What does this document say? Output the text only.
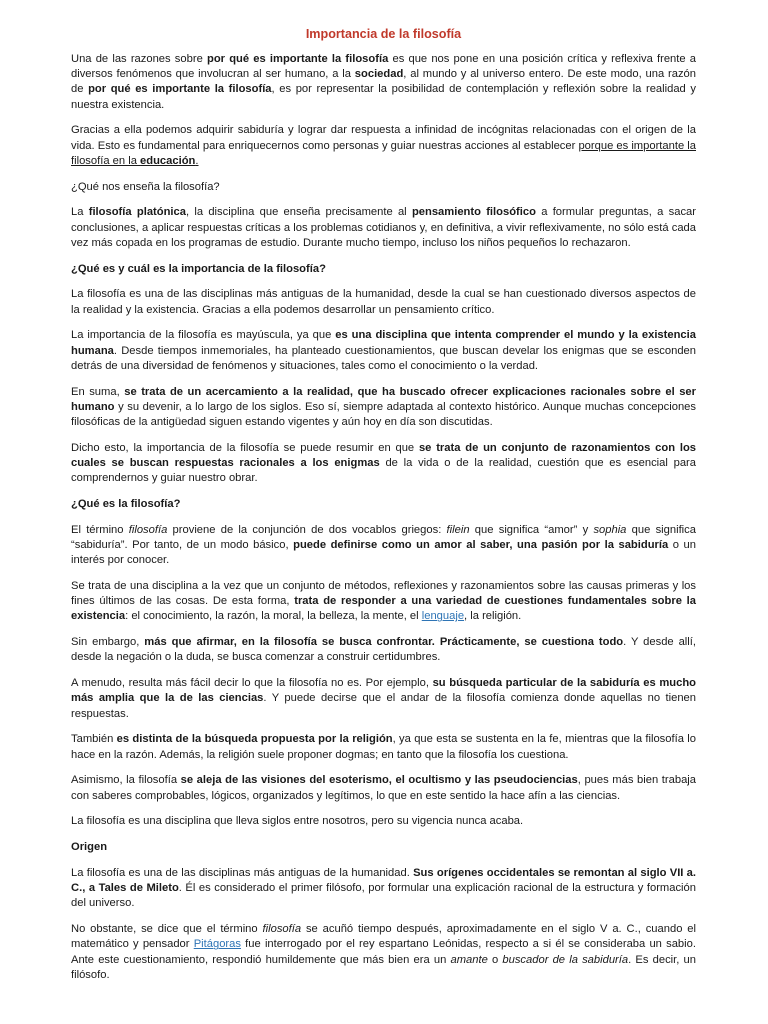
Importancia de la filosofía

Una de las razones sobre por qué es importante la filosofía es que nos pone en una posición crítica y reflexiva frente a diversos fenómenos que involucran al ser humano, a la sociedad, al mundo y al universo entero. De este modo, una razón de por qué es importante la filosofía, es por representar la posibilidad de contemplación y reflexión sobre la realidad y nuestra existencia.

Gracias a ella podemos adquirir sabiduría y lograr dar respuesta a infinidad de incógnitas relacionadas con el origen de la vida. Esto es fundamental para enriquecernos como personas y guiar nuestras acciones al establecer porque es importante la filosofía en la educación.

¿Qué nos enseña la filosofía?

La filosofía platónica, la disciplina que enseña precisamente al pensamiento filosófico a formular preguntas, a sacar conclusiones, a aplicar respuestas críticas a los problemas cotidianos y, en definitiva, a vivir reflexivamente, no sólo está cada vez más copada en los programas de estudio. Durante mucho tiempo, incluso los niños pequeños lo rechazaron.

¿Qué es y cuál es la importancia de la filosofía?

La filosofía es una de las disciplinas más antiguas de la humanidad, desde la cual se han cuestionado diversos aspectos de la realidad y la existencia. Gracias a ella podemos desarrollar un pensamiento crítico.

La importancia de la filosofía es mayúscula, ya que es una disciplina que intenta comprender el mundo y la existencia humana. Desde tiempos inmemoriales, ha planteado cuestionamientos, que buscan develar los enigmas que se esconden detrás de una diversidad de fenómenos y situaciones, tales como el conocimiento o la verdad.

En suma, se trata de un acercamiento a la realidad, que ha buscado ofrecer explicaciones racionales sobre el ser humano y su devenir, a lo largo de los siglos. Eso sí, siempre adaptada al contexto histórico. Aunque muchas concepciones filosóficas de la antigüedad siguen estando vigentes y aún hoy en día son discutidas.

Dicho esto, la importancia de la filosofía se puede resumir en que se trata de un conjunto de razonamientos con los cuales se buscan respuestas racionales a los enigmas de la vida o de la realidad, cuestión que es esencial para comprendernos y guiar nuestro obrar.

¿Qué es la filosofía?

El término filosofía proviene de la conjunción de dos vocablos griegos: filein que significa “amor” y sophia que significa “sabiduría”. Por tanto, de un modo básico, puede definirse como un amor al saber, una pasión por la sabiduría o un interés por conocer.

Se trata de una disciplina a la vez que un conjunto de métodos, reflexiones y razonamientos sobre las causas primeras y los fines últimos de las cosas. De esta forma, trata de responder a una variedad de cuestiones fundamentales sobre la existencia: el conocimiento, la razón, la moral, la belleza, la mente, el lenguaje, la religión.

Sin embargo, más que afirmar, en la filosofía se busca confrontar. Prácticamente, se cuestiona todo. Y desde allí, desde la negación o la duda, se busca comenzar a construir certidumbres.

A menudo, resulta más fácil decir lo que la filosofía no es. Por ejemplo, su búsqueda particular de la sabiduría es mucho más amplia que la de las ciencias. Y puede decirse que el andar de la filosofía comienza donde aquellas no tienen respuestas.

También es distinta de la búsqueda propuesta por la religión, ya que esta se sustenta en la fe, mientras que la filosofía lo hace en la razón. Además, la religión suele proponer dogmas; en tanto que la filosofía los cuestiona.

Asimismo, la filosofía se aleja de las visiones del esoterismo, el ocultismo y las pseudociencias, pues más bien trabaja con saberes comprobables, lógicos, organizados y legítimos, lo que en este sentido la hace afín a las ciencias.

La filosofía es una disciplina que lleva siglos entre nosotros, pero su vigencia nunca acaba.

Origen

La filosofía es una de las disciplinas más antiguas de la humanidad. Sus orígenes occidentales se remontan al siglo VII a. C., a Tales de Mileto. Él es considerado el primer filósofo, por formular una explicación racional de la estructura y formación del universo.

No obstante, se dice que el término filosofía se acuñó tiempo después, aproximadamente en el siglo V a. C., cuando el matemático y pensador Pitágoras fue interrogado por el rey espartano Leónidas, respecto a si él se consideraba un sabio. Ante este cuestionamiento, respondió humildemente que más bien era un amante o buscador de la sabiduría. Es decir, un filósofo.
